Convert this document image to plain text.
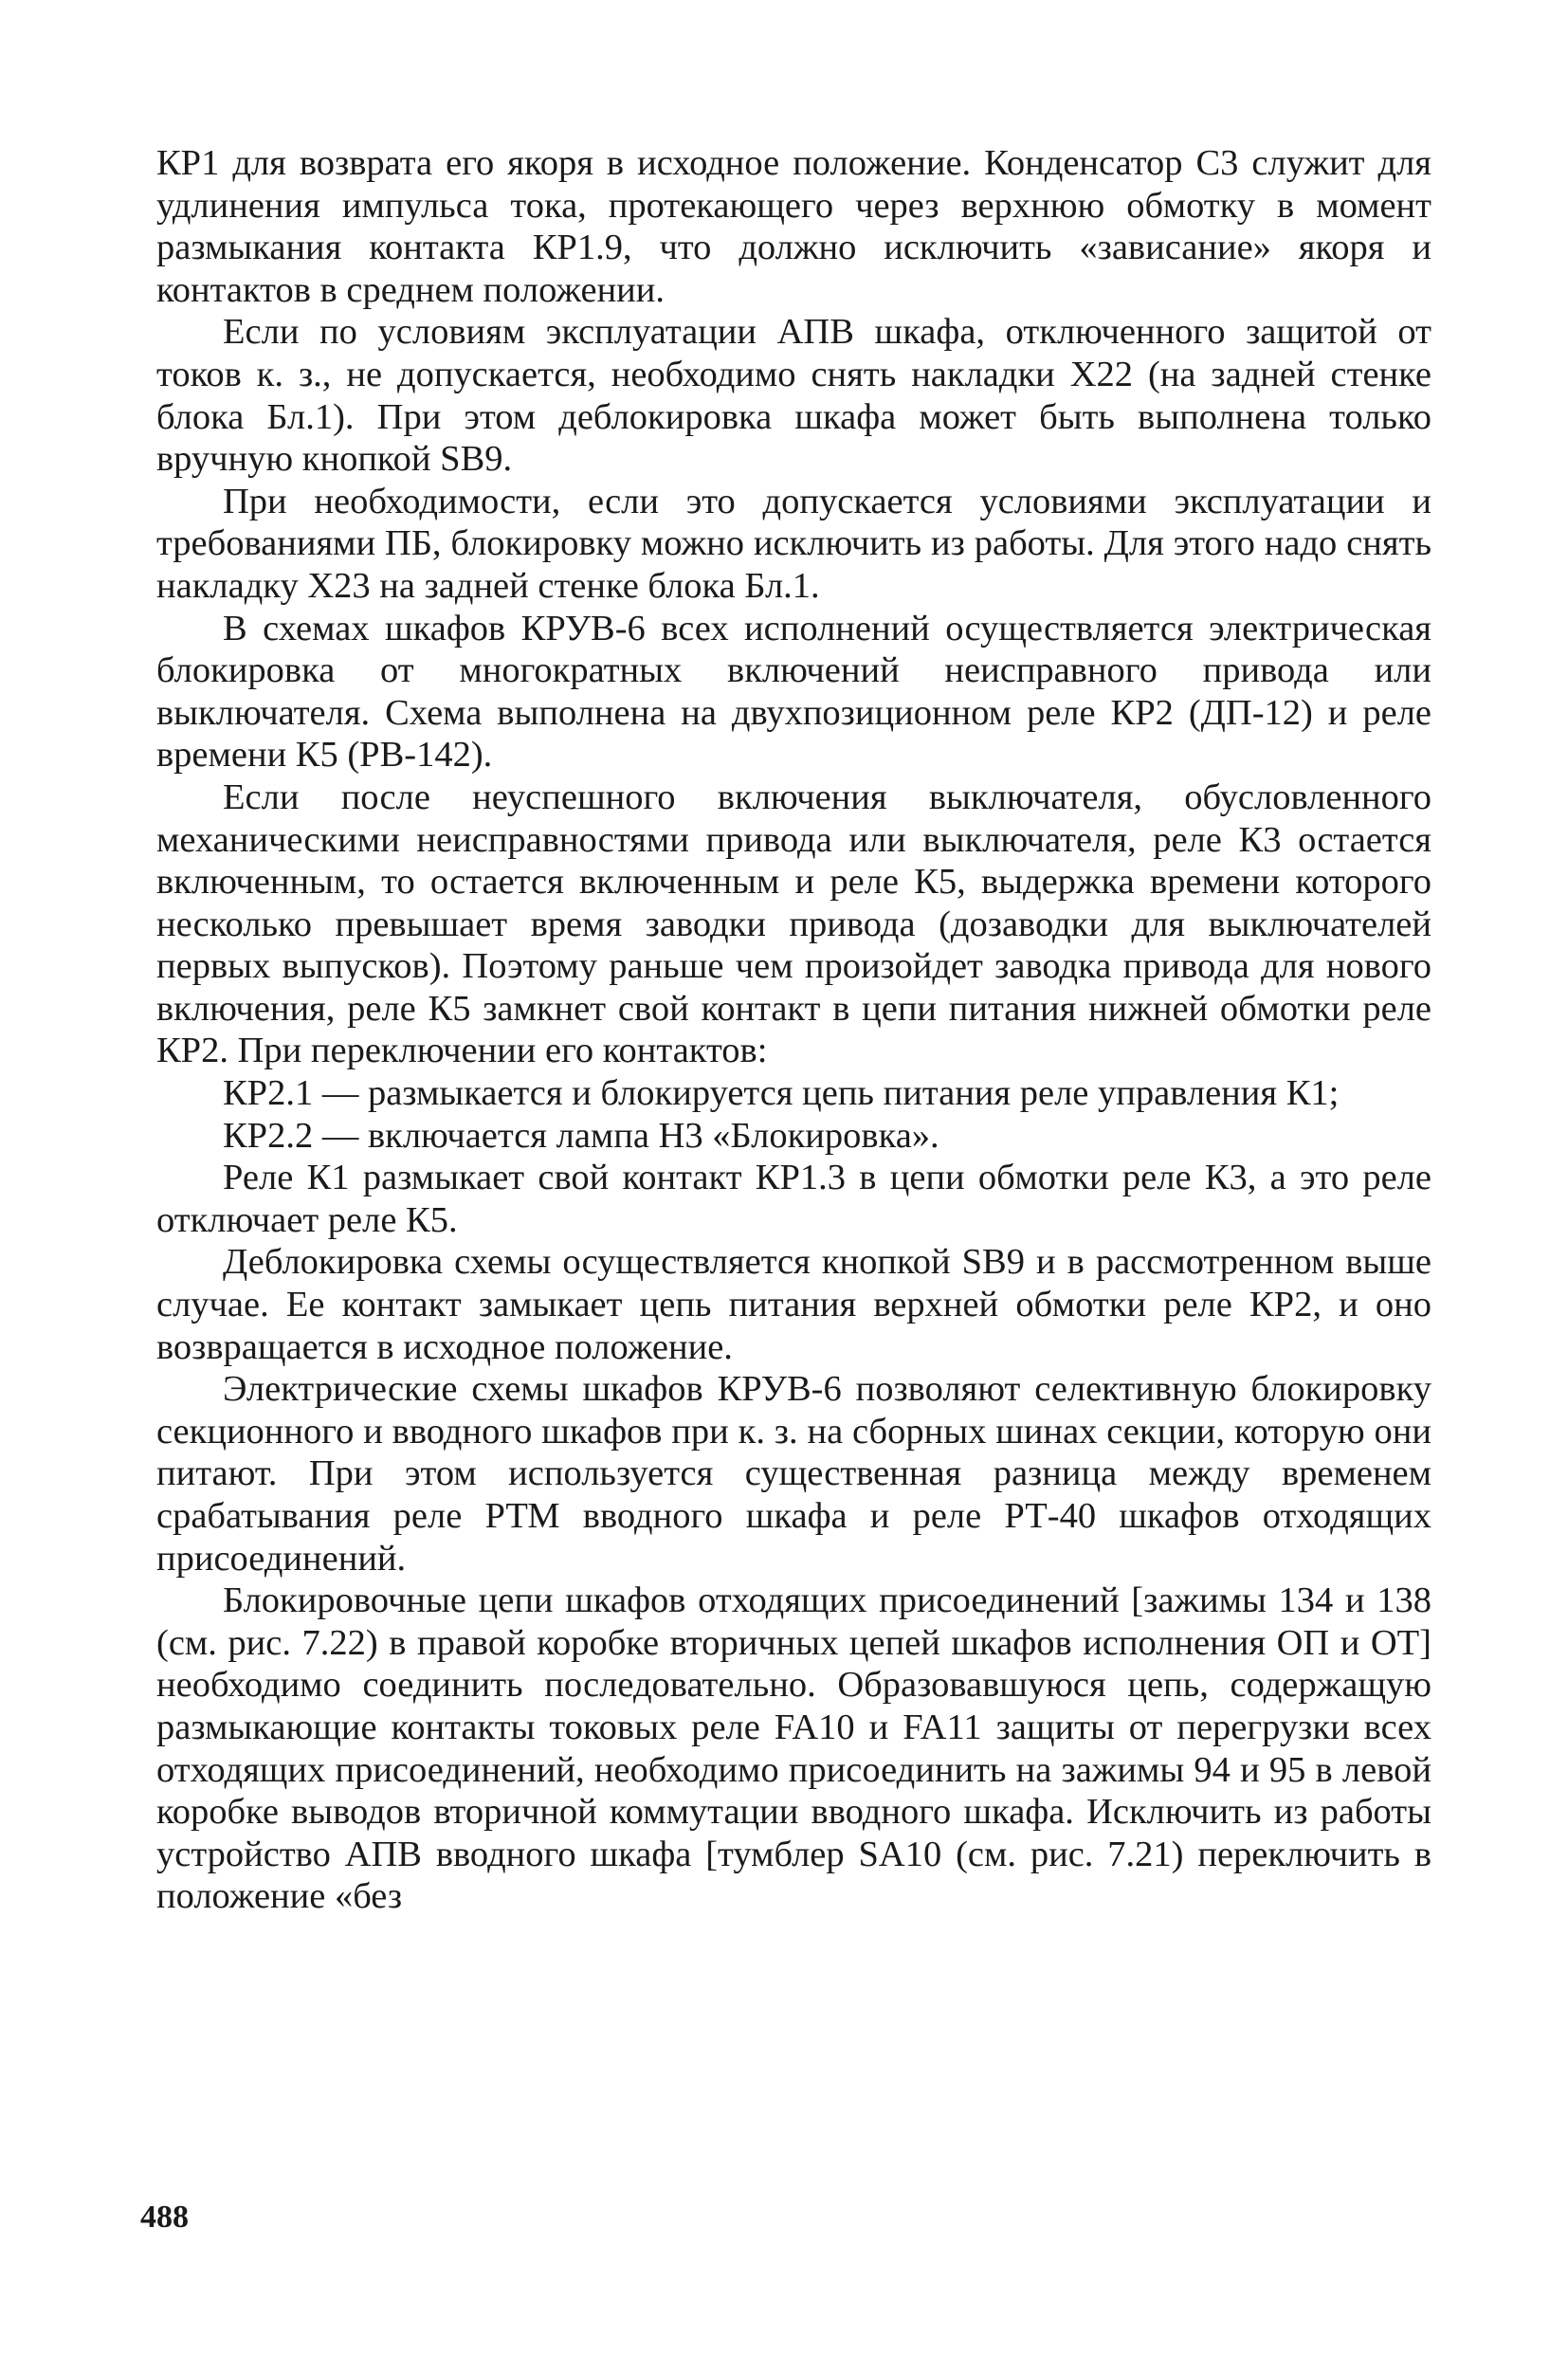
КР1 для возврата его якоря в исходное положение. Конденсатор С3 служит для удлинения импульса тока, протекающего через верхнюю обмотку в момент размыкания контакта КР1.9, что должно исключить «зависание» якоря и контактов в среднем положении.

Если по условиям эксплуатации АПВ шкафа, отключенного защитой от токов к. з., не допускается, необходимо снять накладки Х22 (на задней стенке блока Бл.1). При этом деблокировка шкафа может быть выполнена только вручную кнопкой SB9.

При необходимости, если это допускается условиями эксплуатации и требованиями ПБ, блокировку можно исключить из работы. Для этого надо снять накладку Х23 на задней стенке блока Бл.1.

В схемах шкафов КРУВ-6 всех исполнений осуществляется электрическая блокировка от многократных включений неисправного привода или выключателя. Схема выполнена на двухпозиционном реле КР2 (ДП-12) и реле времени К5 (РВ-142).

Если после неуспешного включения выключателя, обусловленного механическими неисправностями привода или выключателя, реле К3 остается включенным, то остается включенным и реле К5, выдержка времени которого несколько превышает время заводки привода (дозаводки для выключателей первых выпусков). Поэтому раньше чем произойдет заводка привода для нового включения, реле К5 замкнет свой контакт в цепи питания нижней обмотки реле КР2. При переключении его контактов:

КР2.1 — размыкается и блокируется цепь питания реле управления К1;

КР2.2 — включается лампа Н3 «Блокировка».

Реле К1 размыкает свой контакт КР1.3 в цепи обмотки реле К3, а это реле отключает реле К5.

Деблокировка схемы осуществляется кнопкой SB9 и в рассмотренном выше случае. Ее контакт замыкает цепь питания верхней обмотки реле КР2, и оно возвращается в исходное положение.

Электрические схемы шкафов КРУВ-6 позволяют селективную блокировку секционного и вводного шкафов при к. з. на сборных шинах секции, которую они питают. При этом используется существенная разница между временем срабатывания реле РТМ вводного шкафа и реле РТ-40 шкафов отходящих присоединений.

Блокировочные цепи шкафов отходящих присоединений [зажимы 134 и 138 (см. рис. 7.22) в правой коробке вторичных цепей шкафов исполнения ОП и ОТ] необходимо соединить последовательно. Образовавшуюся цепь, содержащую размыкающие контакты токовых реле FA10 и FA11 защиты от перегрузки всех отходящих присоединений, необходимо присоединить на зажимы 94 и 95 в левой коробке выводов вторичной коммутации вводного шкафа. Исключить из работы устройство АПВ вводного шкафа [тумблер SA10 (см. рис. 7.21) переключить в положение «без

488
